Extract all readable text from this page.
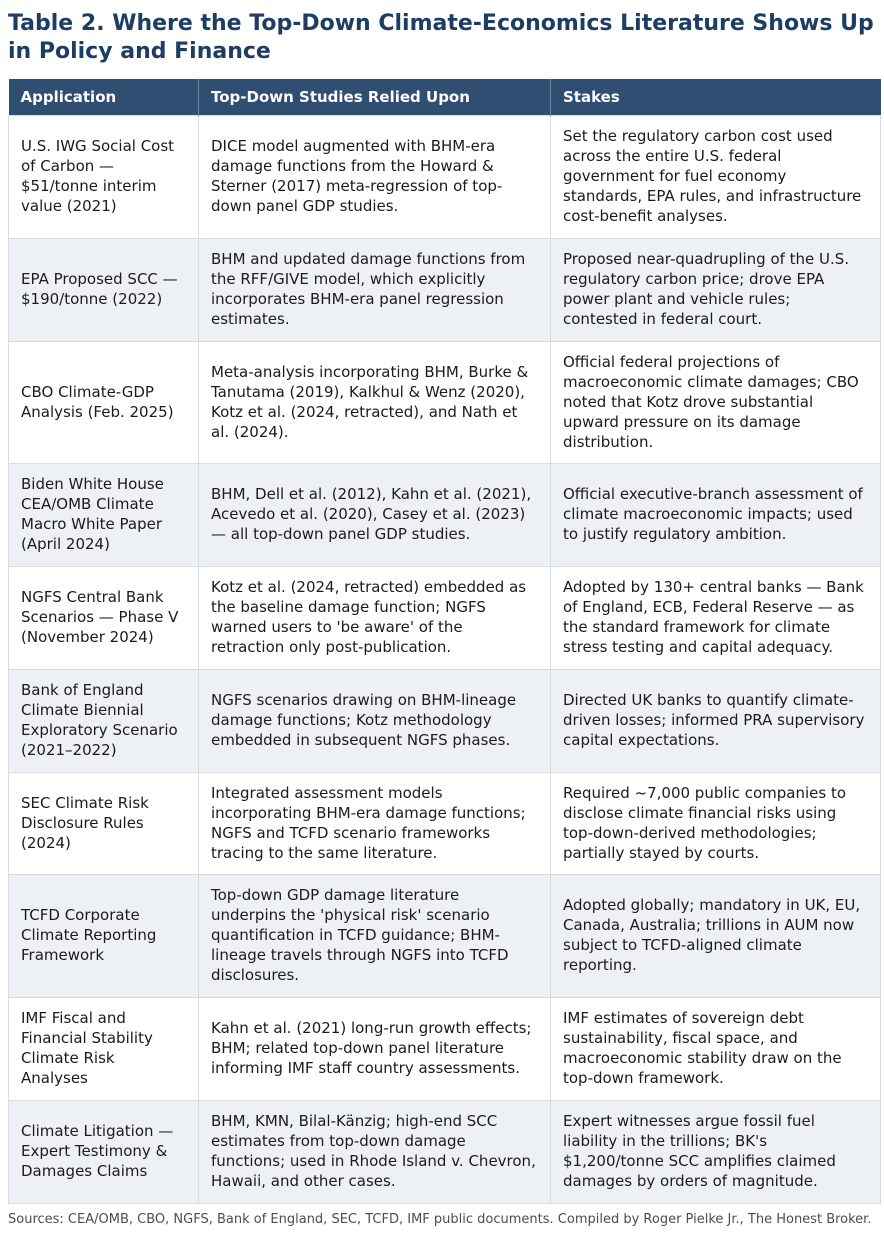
Table 2. Where the Top-Down Climate-Economics Literature Shows Up in Policy and Finance
Application	Top-Down Studies Relied Upon	Stakes
U.S. IWG Social Cost of Carbon — $51/tonne interim value (2021)	DICE model augmented with BHM-era damage functions from the Howard & Sterner (2017) meta-regression of top-down panel GDP studies.	Set the regulatory carbon cost used across the entire U.S. federal government for fuel economy standards, EPA rules, and infrastructure cost-benefit analyses.
EPA Proposed SCC — $190/tonne (2022)	BHM and updated damage functions from the RFF/GIVE model, which explicitly incorporates BHM-era panel regression estimates.	Proposed near-quadrupling of the U.S. regulatory carbon price; drove EPA power plant and vehicle rules; contested in federal court.
CBO Climate-GDP Analysis (Feb. 2025)	Meta-analysis incorporating BHM, Burke & Tanutama (2019), Kalkhul & Wenz (2020), Kotz et al. (2024, retracted), and Nath et al. (2024).	Official federal projections of macroeconomic climate damages; CBO noted that Kotz drove substantial upward pressure on its damage distribution.
Biden White House CEA/OMB Climate Macro White Paper (April 2024)	BHM, Dell et al. (2012), Kahn et al. (2021), Acevedo et al. (2020), Casey et al. (2023) — all top-down panel GDP studies.	Official executive-branch assessment of climate macroeconomic impacts; used to justify regulatory ambition.
NGFS Central Bank Scenarios — Phase V (November 2024)	Kotz et al. (2024, retracted) embedded as the baseline damage function; NGFS warned users to 'be aware' of the retraction only post-publication.	Adopted by 130+ central banks — Bank of England, ECB, Federal Reserve — as the standard framework for climate stress testing and capital adequacy.
Bank of England Climate Biennial Exploratory Scenario (2021–2022)	NGFS scenarios drawing on BHM-lineage damage functions; Kotz methodology embedded in subsequent NGFS phases.	Directed UK banks to quantify climate-driven losses; informed PRA supervisory capital expectations.
SEC Climate Risk Disclosure Rules (2024)	Integrated assessment models incorporating BHM-era damage functions; NGFS and TCFD scenario frameworks tracing to the same literature.	Required ~7,000 public companies to disclose climate financial risks using top-down-derived methodologies; partially stayed by courts.
TCFD Corporate Climate Reporting Framework	Top-down GDP damage literature underpins the 'physical risk' scenario quantification in TCFD guidance; BHM-lineage travels through NGFS into TCFD disclosures.	Adopted globally; mandatory in UK, EU, Canada, Australia; trillions in AUM now subject to TCFD-aligned climate reporting.
IMF Fiscal and Financial Stability Climate Risk Analyses	Kahn et al. (2021) long-run growth effects; BHM; related top-down panel literature informing IMF staff country assessments.	IMF estimates of sovereign debt sustainability, fiscal space, and macroeconomic stability draw on the top-down framework.
Climate Litigation — Expert Testimony & Damages Claims	BHM, KMN, Bilal-Känzig; high-end SCC estimates from top-down damage functions; used in Rhode Island v. Chevron, Hawaii, and other cases.	Expert witnesses argue fossil fuel liability in the trillions; BK's $1,200/tonne SCC amplifies claimed damages by orders of magnitude.

Sources: CEA/OMB, CBO, NGFS, Bank of England, SEC, TCFD, IMF public documents. Compiled by Roger Pielke Jr., The Honest Broker.
